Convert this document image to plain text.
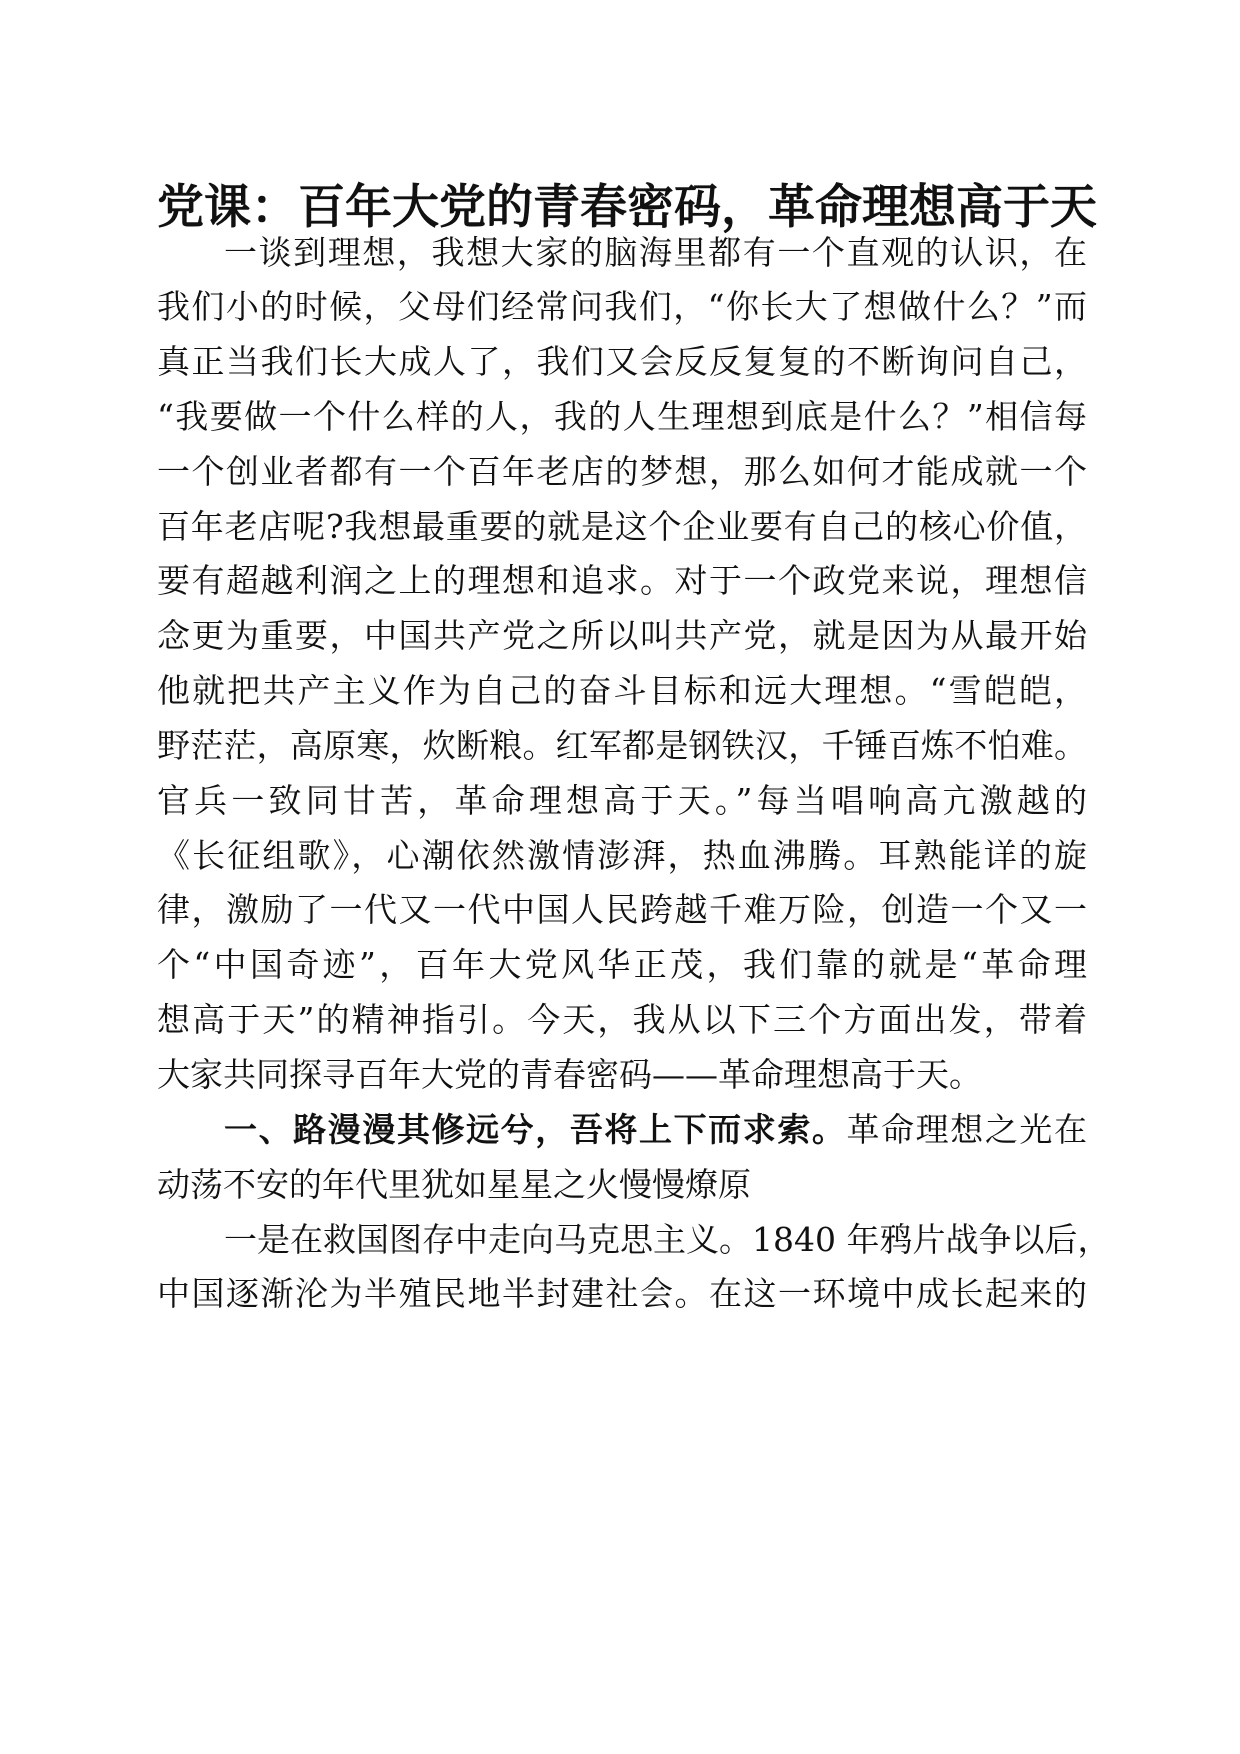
党课：百年大党的青春密码，革命理想高于天
一谈到理想，我想大家的脑海里都有一个直观的认识，在
我们小的时候，父母们经常问我们，“你长大了想做什么？”而
真正当我们长大成人了，我们又会反反复复的不断询问自己，
“我要做一个什么样的人，我的人生理想到底是什么？”相信每
一个创业者都有一个百年老店的梦想，那么如何才能成就一个
百年老店呢?我想最重要的就是这个企业要有自己的核心价值，
要有超越利润之上的理想和追求。对于一个政党来说，理想信
念更为重要，中国共产党之所以叫共产党，就是因为从最开始
他就把共产主义作为自己的奋斗目标和远大理想。“雪皑皑，
野茫茫，高原寒，炊断粮。红军都是钢铁汉，千锤百炼不怕难。
官兵一致同甘苦，革命理想高于天。”每当唱响高亢激越的
《长征组歌》，心潮依然激情澎湃，热血沸腾。耳熟能详的旋
律，激励了一代又一代中国人民跨越千难万险，创造一个又一
个“中国奇迹”，百年大党风华正茂，我们靠的就是“革命理
想高于天”的精神指引。今天，我从以下三个方面出发，带着
大家共同探寻百年大党的青春密码——革命理想高于天。
一、路漫漫其修远兮，吾将上下而求索。革命理想之光在
动荡不安的年代里犹如星星之火慢慢燎原
一是在救国图存中走向马克思主义。1840 年鸦片战争以后，
中国逐渐沦为半殖民地半封建社会。在这一环境中成长起来的
